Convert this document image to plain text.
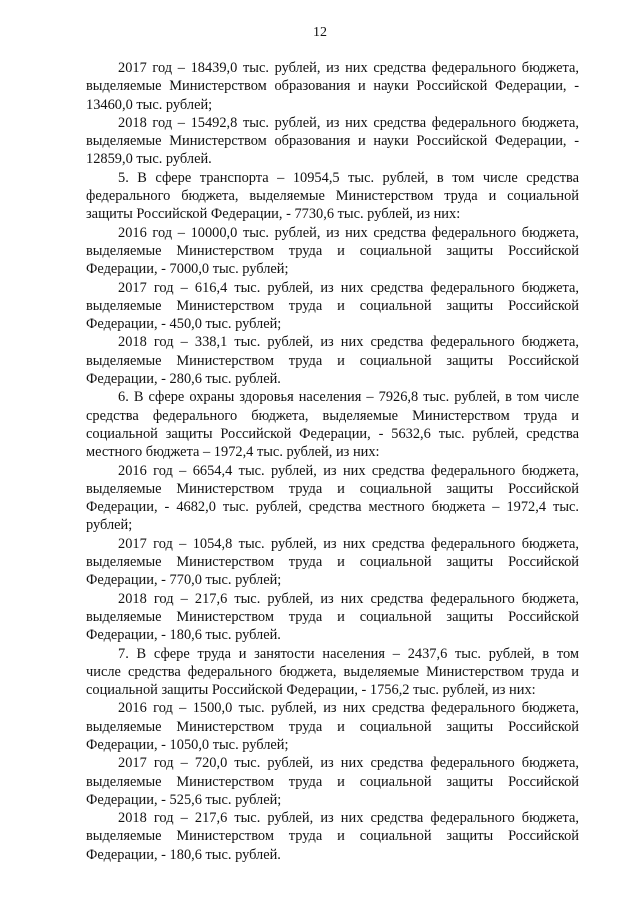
12

2017 год – 18439,0 тыс. рублей, из них средства федерального бюджета,
выделяемые Министерством образования и науки Российской Федерации, -
13460,0 тыс. рублей;

2018 год – 15492,8 тыс. рублей, из них средства федерального бюджета,
выделяемые Министерством образования и науки Российской Федерации, -
12859,0 тыс. рублей.

5. В сфере транспорта – 10954,5 тыс. рублей, в том числе средства
федерального бюджета, выделяемые Министерством труда и социальной
защиты Российской Федерации, - 7730,6 тыс. рублей, из них:

2016 год – 10000,0 тыс. рублей, из них средства федерального бюджета,
выделяемые Министерством труда и социальной защиты Российской
Федерации, - 7000,0 тыс. рублей;

2017 год – 616,4 тыс. рублей, из них средства федерального бюджета,
выделяемые Министерством труда и социальной защиты Российской
Федерации, - 450,0 тыс. рублей;

2018 год – 338,1 тыс. рублей, из них средства федерального бюджета,
выделяемые Министерством труда и социальной защиты Российской
Федерации, - 280,6 тыс. рублей.

6. В сфере охраны здоровья населения – 7926,8 тыс. рублей, в том числе
средства федерального бюджета, выделяемые Министерством труда и
социальной защиты Российской Федерации, - 5632,6 тыс. рублей, средства
местного бюджета – 1972,4 тыс. рублей, из них:

2016 год – 6654,4 тыс. рублей, из них средства федерального бюджета,
выделяемые Министерством труда и социальной защиты Российской
Федерации, - 4682,0 тыс. рублей, средства местного бюджета – 1972,4 тыс.
рублей;

2017 год – 1054,8 тыс. рублей, из них средства федерального бюджета,
выделяемые Министерством труда и социальной защиты Российской
Федерации, - 770,0 тыс. рублей;

2018 год – 217,6 тыс. рублей, из них средства федерального бюджета,
выделяемые Министерством труда и социальной защиты Российской
Федерации, - 180,6 тыс. рублей.

7. В сфере труда и занятости населения – 2437,6 тыс. рублей, в том
числе средства федерального бюджета, выделяемые Министерством труда и
социальной защиты Российской Федерации, - 1756,2 тыс. рублей, из них:

2016 год – 1500,0 тыс. рублей, из них средства федерального бюджета,
выделяемые Министерством труда и социальной защиты Российской
Федерации, - 1050,0 тыс. рублей;

2017 год – 720,0 тыс. рублей, из них средства федерального бюджета,
выделяемые Министерством труда и социальной защиты Российской
Федерации, - 525,6 тыс. рублей;

2018 год – 217,6 тыс. рублей, из них средства федерального бюджета,
выделяемые Министерством труда и социальной защиты Российской
Федерации, - 180,6 тыс. рублей.
